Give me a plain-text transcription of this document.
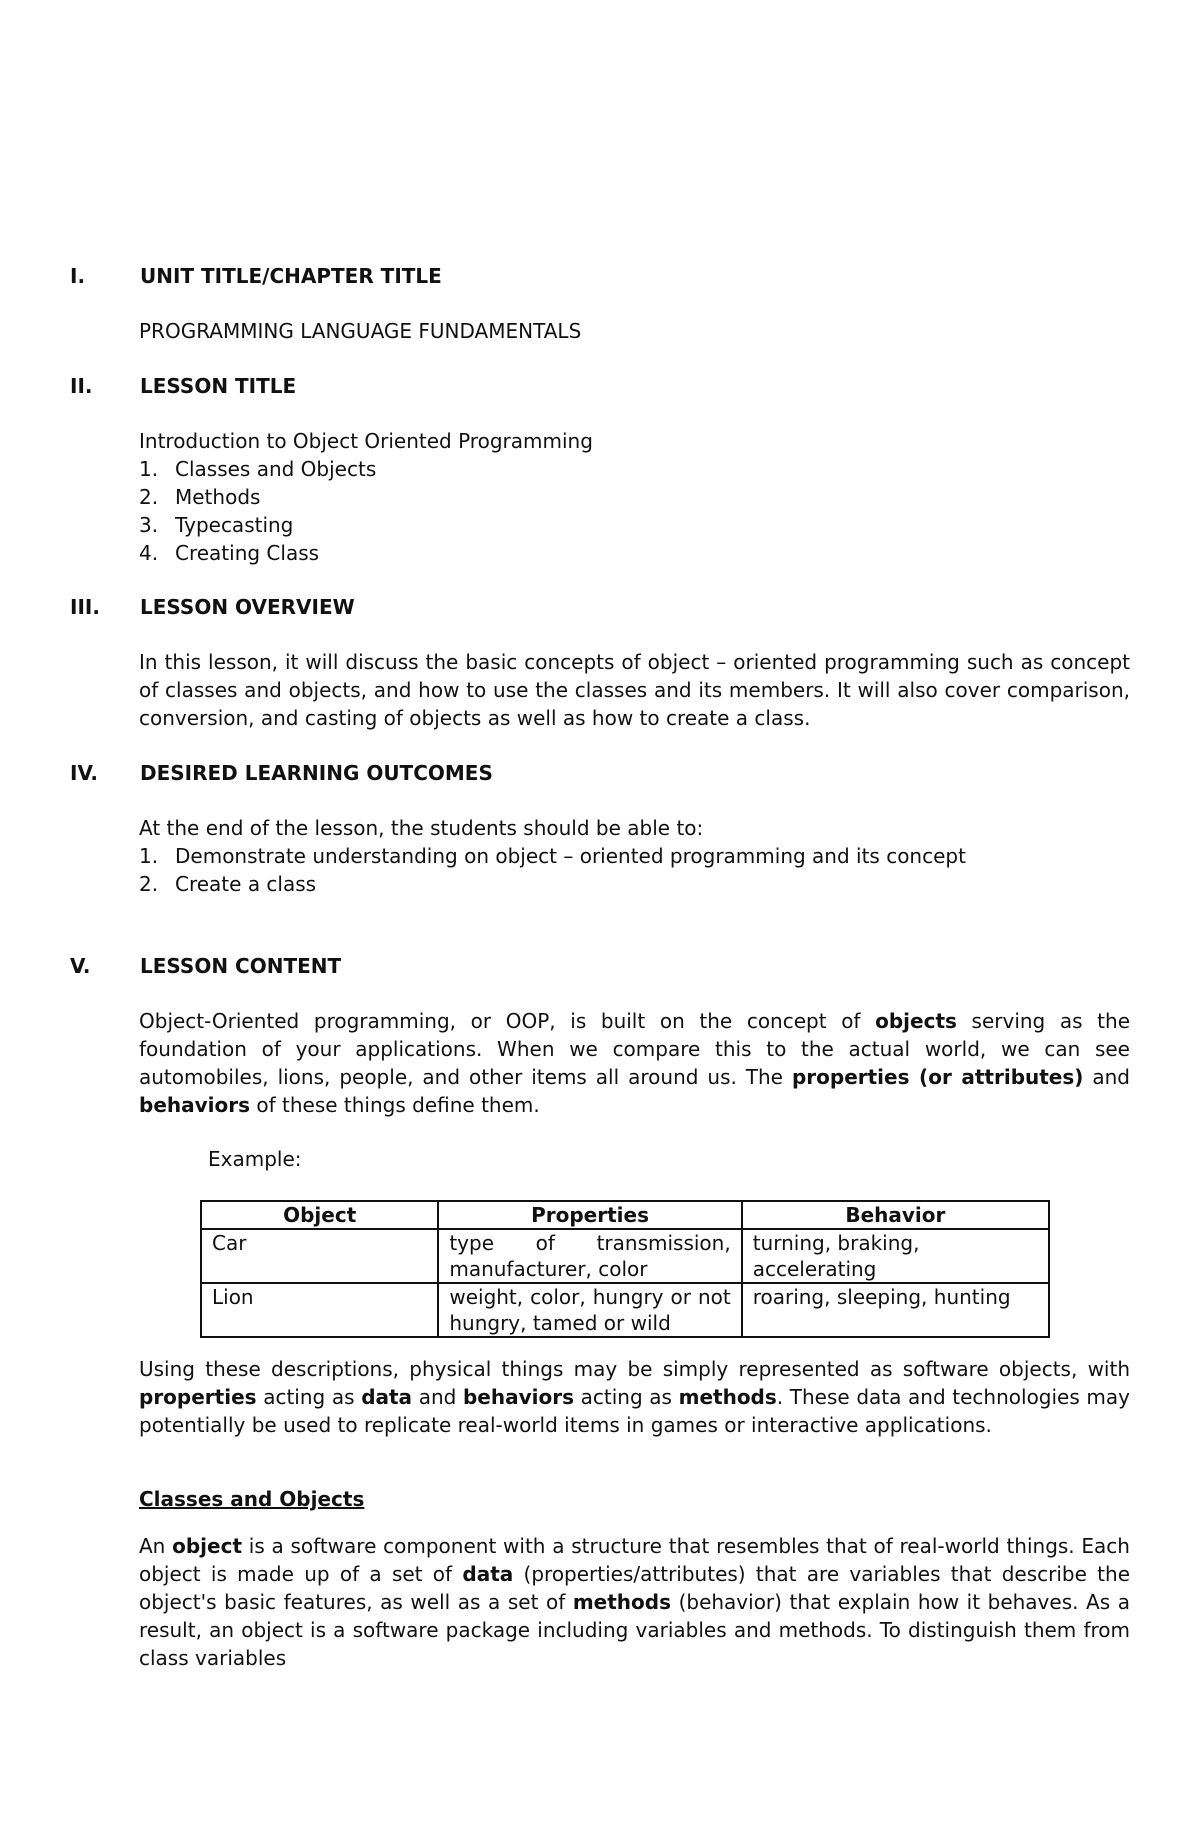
I.	UNIT TITLE/CHAPTER TITLE

PROGRAMMING LANGUAGE FUNDAMENTALS

II. LESSON TITLE

Introduction to Object Oriented Programming

1. Classes and Objects
2. Methods
3. Typecasting
4. Creating Class
III. LESSON OVERVIEW

In this lesson, it will discuss the basic concepts of object – oriented programming such as concept of classes and objects, and how to use the classes and its members. It will also cover comparison, conversion, and casting of objects as well as how to create a class.

IV. DESIRED LEARNING OUTCOMES

At the end of the lesson, the students should be able to:

1. Demonstrate understanding on object – oriented programming and its concept
2. Create a class
V. LESSON CONTENT

Object-Oriented programming, or OOP, is built on the concept of objects serving as the foundation of your applications. When we compare this to the actual world, we can see automobiles, lions, people, and other items all around us. The properties (or attributes) and behaviors of these things define them.

Example:

Object	Properties	Behavior
Car	type of transmission, manufacturer, color	turning, braking, accelerating
Lion	weight, color, hungry or not hungry, tamed or wild	roaring, sleeping, hunting

Using these descriptions, physical things may be simply represented as software objects, with properties acting as data and behaviors acting as methods. These data and technologies may potentially be used to replicate real-world items in games or interactive applications.

Classes and Objects

An object is a software component with a structure that resembles that of real-world things. Each object is made up of a set of data (properties/attributes) that are variables that describe the object's basic features, as well as a set of methods (behavior) that explain how it behaves. As a result, an object is a software package including variables and methods. To distinguish them from class variables
